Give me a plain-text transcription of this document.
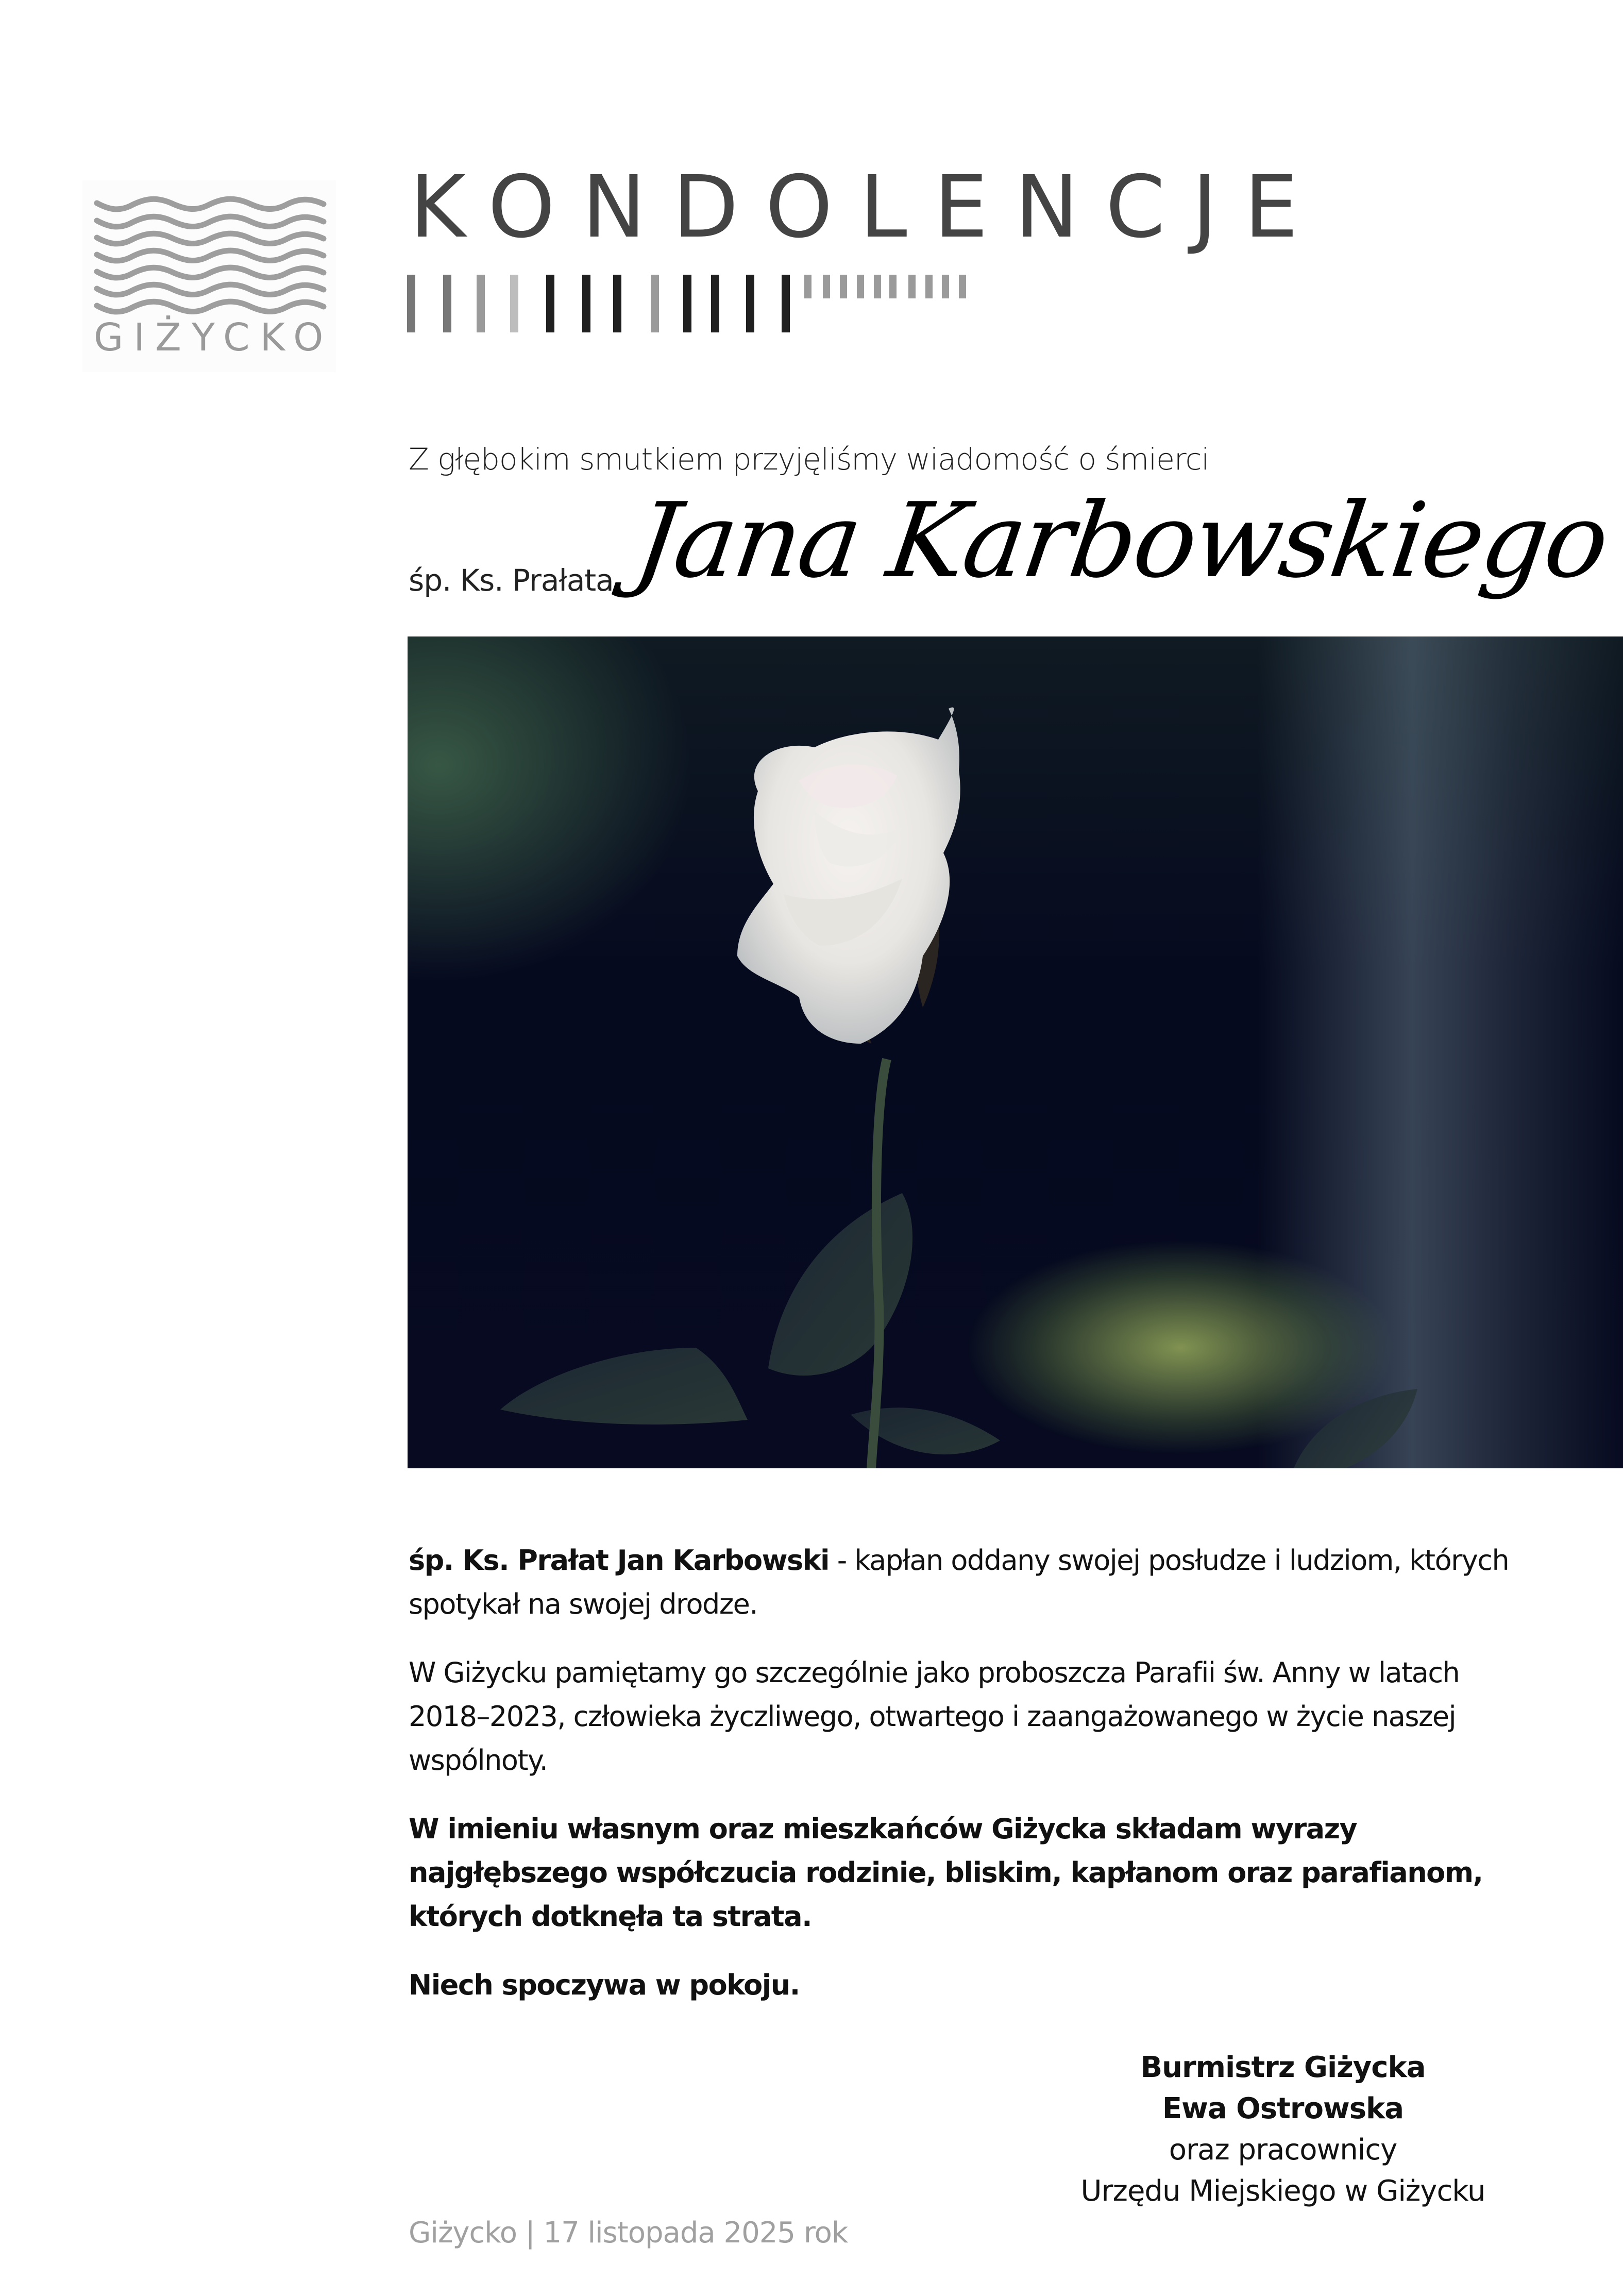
GIŻYCKO
KONDOLENCJE
Z głębokim smutkiem przyjęliśmy wiadomość o śmierci
śp. Ks. Prałata Jana Karbowskiego

śp. Ks. Prałat Jan Karbowski - kapłan oddany swojej posłudze i ludziom, których spotykał na swojej drodze.

W Giżycku pamiętamy go szczególnie jako proboszcza Parafii św. Anny w latach 2018–2023, człowieka życzliwego, otwartego i zaangażowanego w życie naszej wspólnoty.

W imieniu własnym oraz mieszkańców Giżycka składam wyrazy najgłębszego współczucia rodzinie, bliskim, kapłanom oraz parafianom, których dotknęła ta strata.

Niech spoczywa w pokoju.

Burmistrz Giżycka
Ewa Ostrowska
oraz pracownicy
Urzędu Miejskiego w Giżycku
Giżycko | 17 listopada 2025 rok
